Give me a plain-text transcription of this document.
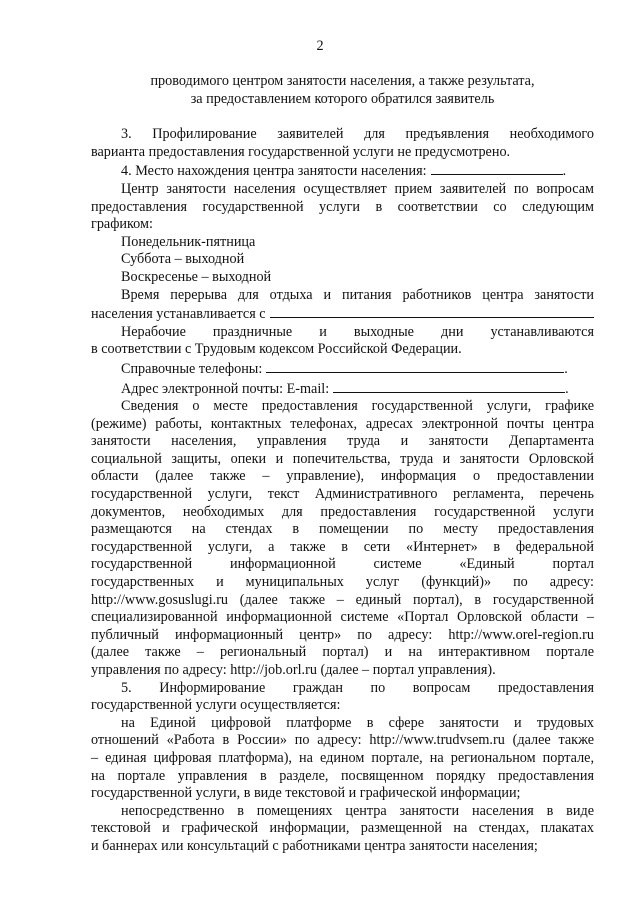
2
проводимого центром занятости населения, а также результата,
за предоставлением которого обратился заявитель
3. Профилирование заявителей для предъявления необходимого
варианта предоставления государственной услуги не предусмотрено.
4. Место нахождения центра занятости населения:	.
Центр занятости населения осуществляет прием заявителей по вопросам
предоставления государственной услуги в соответствии со следующим
графиком:
Понедельник-пятница
Суббота – выходной
Воскресенье – выходной
Время перерыва для отдыха и питания работников центра занятости
населения устанавливается с
Нерабочие праздничные и выходные дни устанавливаются
в соответствии с Трудовым кодексом Российской Федерации.
Справочные телефоны:	.
Адрес электронной почты: E-mail:	.
Сведения о месте предоставления государственной услуги, графике
(режиме) работы, контактных телефонах, адресах электронной почты центра
занятости населения, управления труда и занятости Департамента
социальной защиты, опеки и попечительства, труда и занятости Орловской
области (далее также – управление), информация о предоставлении
государственной услуги, текст Административного регламента, перечень
документов, необходимых для предоставления государственной услуги
размещаются на стендах в помещении по месту предоставления
государственной услуги, а также в сети «Интернет» в федеральной
государственной информационной системе «Единый портал
государственных и муниципальных услуг (функций)» по адресу:
http://www.gosuslugi.ru (далее также – единый портал), в государственной
специализированной информационной системе «Портал Орловской области –
публичный информационный центр» по адресу: http://www.orel-region.ru
(далее также – региональный портал) и на интерактивном портале
управления по адресу: http://job.orl.ru (далее – портал управления).
5. Информирование граждан по вопросам предоставления
государственной услуги осуществляется:
на Единой цифровой платформе в сфере занятости и трудовых
отношений «Работа в России» по адресу: http://www.trudvsem.ru (далее также
– единая цифровая платформа), на едином портале, на региональном портале,
на портале управления в разделе, посвященном порядку предоставления
государственной услуги, в виде текстовой и графической информации;
непосредственно в помещениях центра занятости населения в виде
текстовой и графической информации, размещенной на стендах, плакатах
и баннерах или консультаций с работниками центра занятости населения;
